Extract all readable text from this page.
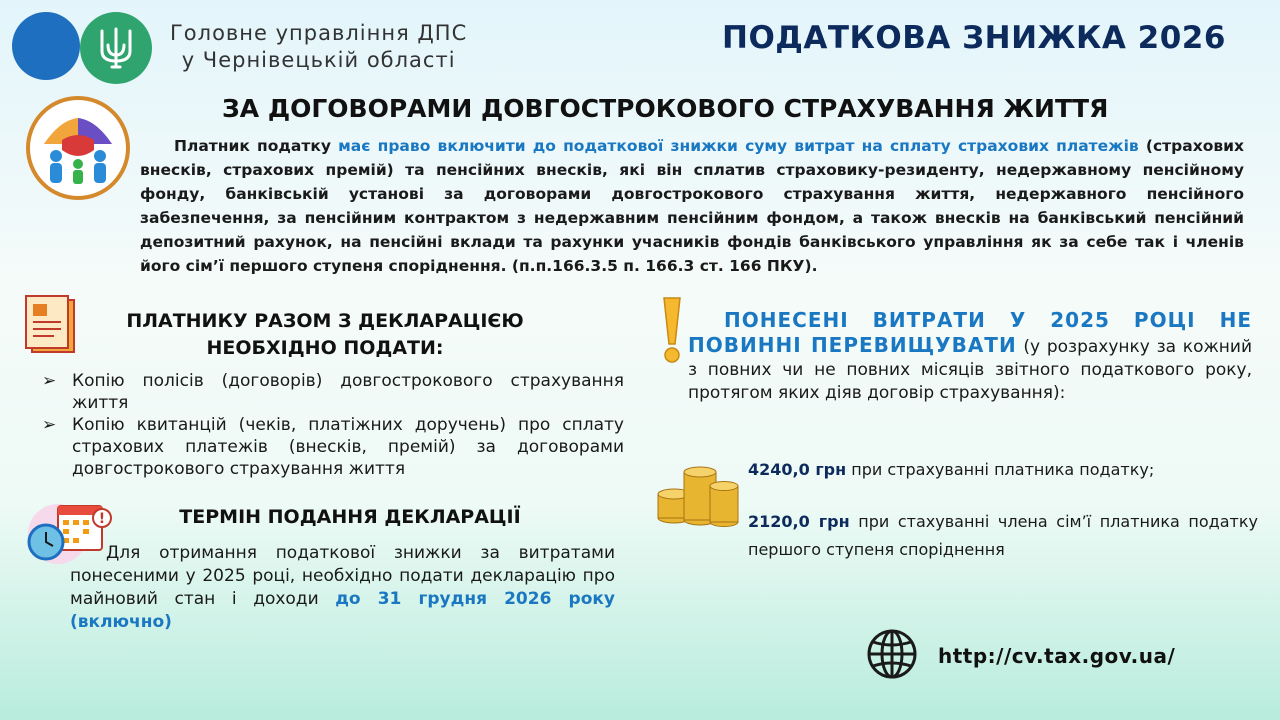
Головне управління ДПС
у Чернівецькій області
ПОДАТКОВА ЗНИЖКА 2026
ЗА ДОГОВОРАМИ ДОВГОСТРОКОВОГО СТРАХУВАННЯ ЖИТТЯ
Платник податку має право включити до податкової знижки суму витрат на сплату страхових платежів (страхових внесків, страхових премій) та пенсійних внесків, які він сплатив страховику-резиденту, недержавному пенсійному фонду, банківській установі за договорами довгострокового страхування життя, недержавного пенсійного забезпечення, за пенсійним контрактом з недержавним пенсійним фондом, а також внесків на банківський пенсійний депозитний рахунок, на пенсійні вклади та рахунки учасників фондів банківського управління як за себе так і членів його сім’ї першого ступеня споріднення. (п.п.166.3.5 п. 166.3 ст. 166 ПКУ).
ПЛАТНИКУ РАЗОМ З ДЕКЛАРАЦІЄЮ
НЕОБХІДНО ПОДАТИ:
➢ Копію полісів (договорів) довгострокового страхування життя
➢ Копію квитанцій (чеків, платіжних доручень) про сплату страхових платежів (внесків, премій) за договорами довгострокового страхування життя
!	ТЕРМІН ПОДАННЯ ДЕКЛАРАЦІЇ
Для отримання податкової знижки за витратами понесеними у 2025 році, необхідно подати декларацію про майновий стан і доходи до 31 грудня 2026 року (включно)
ПОНЕСЕНІ ВИТРАТИ У 2025 РОЦІ НЕ ПОВИННІ ПЕРЕВИЩУВАТИ (у розрахунку за кожний з повних чи не повних місяців звітного податкового року, протягом яких діяв договір страхування):
4240,0 грн при страхуванні платника податку;
2120,0 грн при стахуванні члена сім’ї платника податку першого ступеня споріднення
http://cv.tax.gov.ua/
